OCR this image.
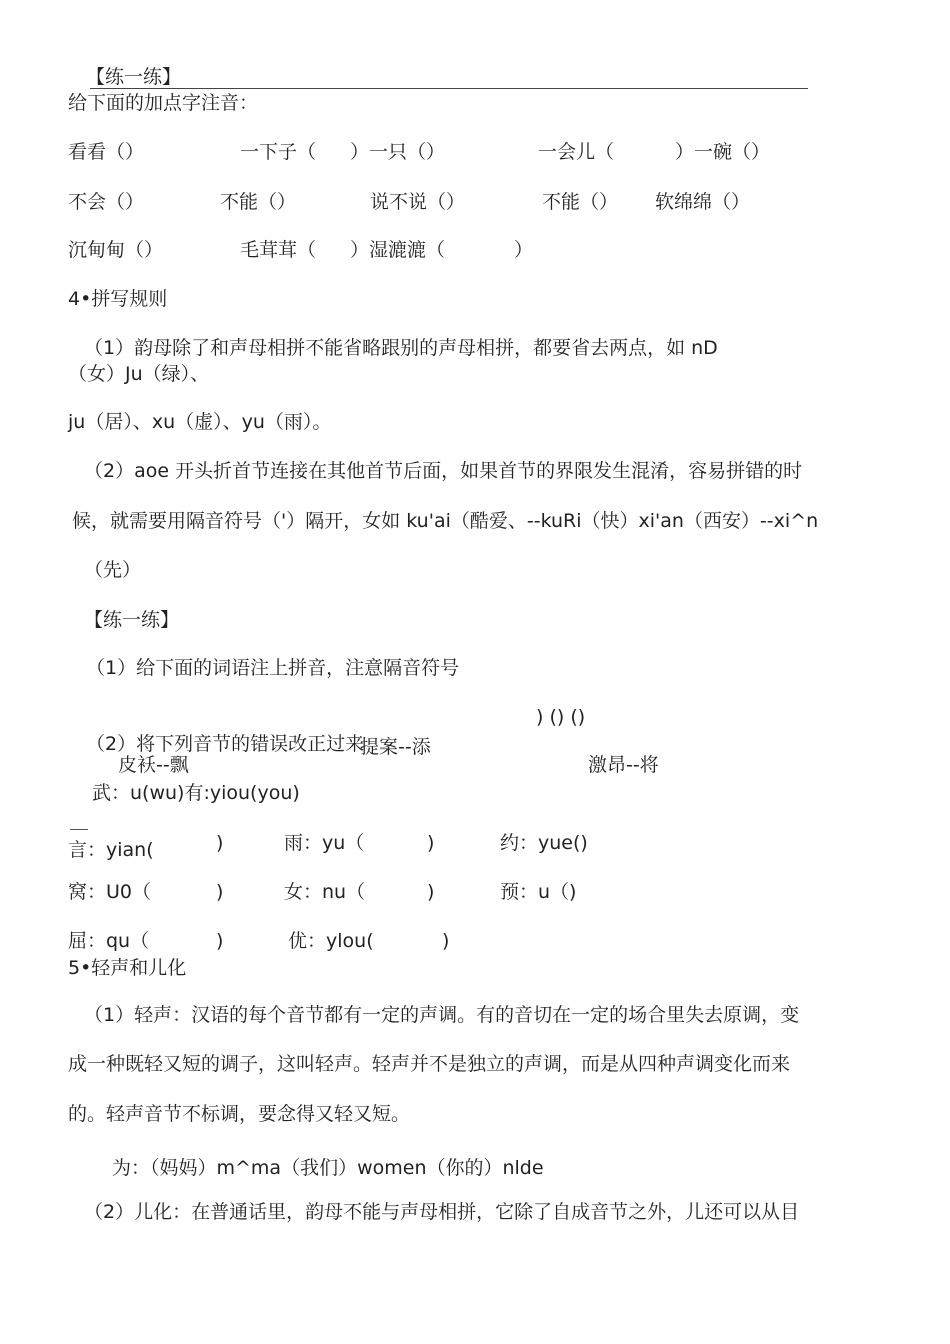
【练一练】
给下面的加点字注音：
看看（）	一下子（ ）一只（）	一会儿（	）一碗（）
不会（）	不能（）	说不说（）	不能（） 软绵绵（）
沉甸甸（）	毛茸茸（ ）湿漉漉（	）
4•拼写规则
（1）韵母除了和声母相拼不能省略跟别的声母相拼，都要省去两点，如 nD
（女）Ju（绿）、
ju（居）、xu（虚）、yu（雨）。
（2）aoe 开头折首节连接在其他首节后面，如果首节的界限发生混淆，容易拼错的时
候，就需要用隔音符号（'）隔开，女如 ku'ai（酷爱、--kuRi（快）xi'an（西安）--xi^n
（先）
【练一练】
（1）给下面的词语注上拼音，注意隔音符号
) () ()
（2）将下列音节的错误改正过来
提案--添
皮袄--飘	激昂--将
武：u(wu)有:yiou(you)
言：yian(	)	雨：yu（	)	约：yue()
窝：U0（	)	女：nu（	)	预：u（)
屈：qu（	)	优：ylou(	)
5•轻声和儿化
（1）轻声：汉语的每个音节都有一定的声调。有的音切在一定的场合里失去原调，变
成一种既轻又短的调子，这叫轻声。轻声并不是独立的声调，而是从四种声调变化而来
的。轻声音节不标调，要念得又轻又短。
为：（妈妈）m^ma（我们）women（你的）nlde
（2）儿化：在普通话里，韵母不能与声母相拼，它除了自成音节之外，儿还可以从目
